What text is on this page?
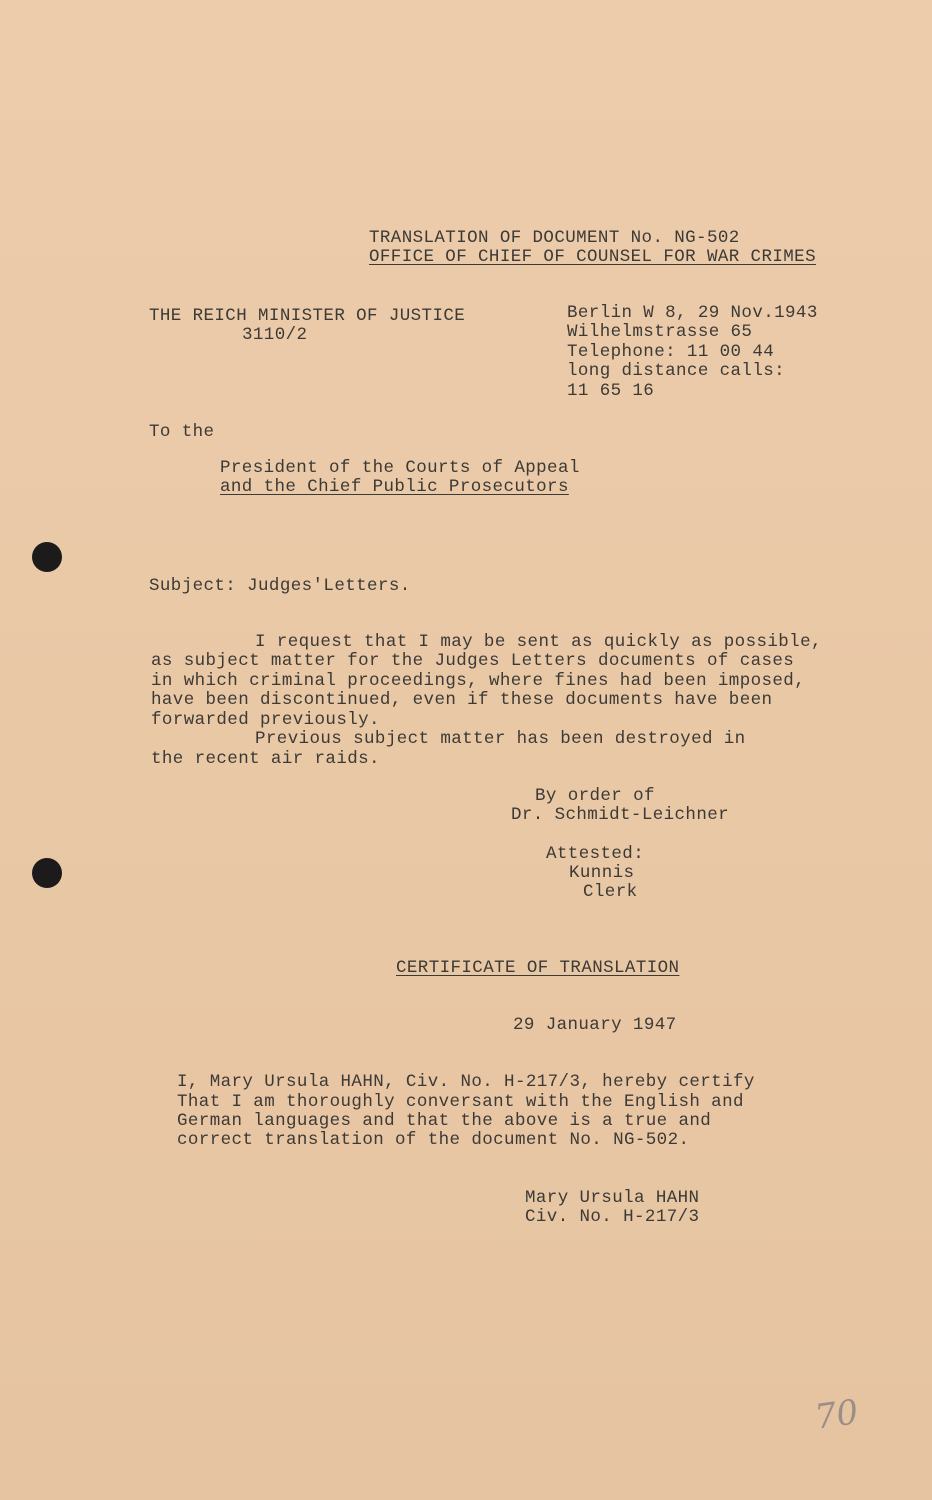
TRANSLATION OF DOCUMENT No. NG-502
OFFICE OF CHIEF OF COUNSEL FOR WAR CRIMES
THE REICH MINISTER OF JUSTICE
3110/2
Berlin W 8, 29 Nov.1943
Wilhelmstrasse 65
Telephone: 11 00 44
long distance calls:
11 65 16
To the
President of the Courts of Appeal
and the Chief Public Prosecutors
Subject: Judges'Letters.
I request that I may be sent as quickly as possible,
as subject matter for the Judges Letters documents of cases
in which criminal proceedings, where fines had been imposed,
have been discontinued, even if these documents have been
forwarded previously.
Previous subject matter has been destroyed in
the recent air raids.
By order of
Dr. Schmidt-Leichner
Attested:
Kunnis
Clerk
CERTIFICATE OF TRANSLATION
29 January 1947
I, Mary Ursula HAHN, Civ. No. H-217/3, hereby certify
That I am thoroughly conversant with the English and
German languages and that the above is a true and
correct translation of the document No. NG-502.
Mary Ursula HAHN
Civ. No. H-217/3
70
